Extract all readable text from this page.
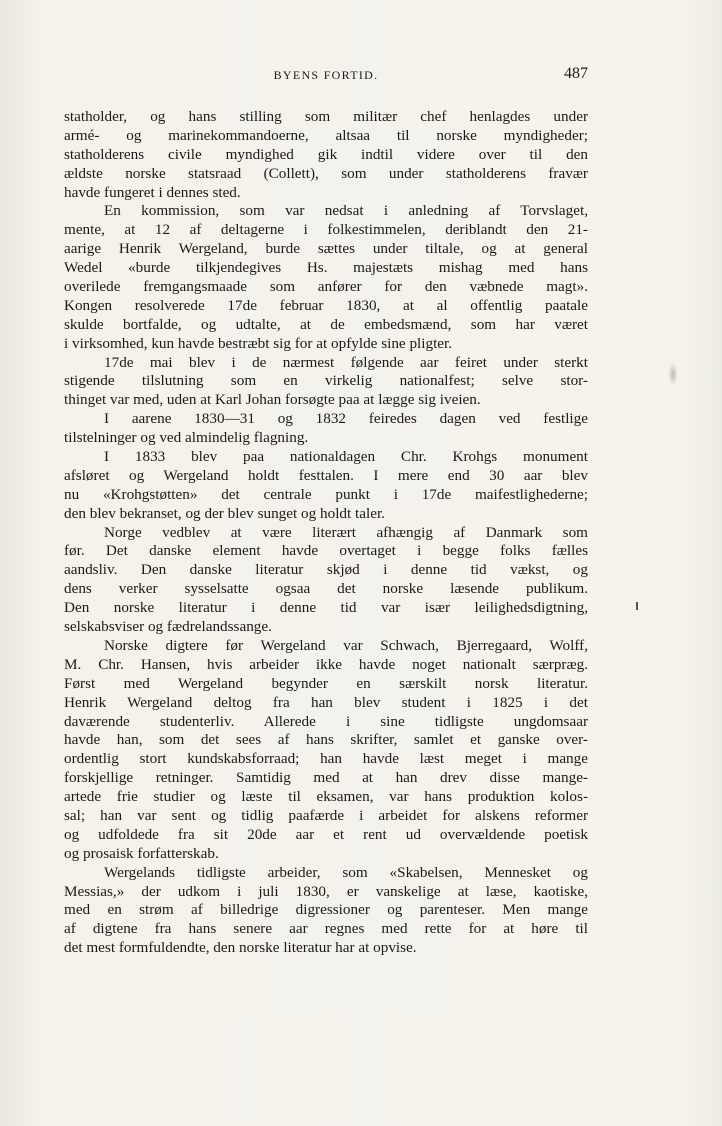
BYENS FORTID.	487
statholder, og hans stilling som militær chef henlagdes under
armé- og marinekommandoerne, altsaa til norske myndigheder;
statholderens civile myndighed gik indtil videre over til den
ældste norske statsraad (Collett), som under statholderens fravær
havde fungeret i dennes sted.
En kommission, som var nedsat i anledning af Torvslaget,
mente, at 12 af deltagerne i folkestimmelen, deriblandt den 21-
aarige Henrik Wergeland, burde sættes under tiltale, og at general
Wedel «burde tilkjendegives Hs. majestæts mishag med hans
overilede fremgangsmaade som anfører for den væbnede magt».
Kongen resolverede 17de februar 1830, at al offentlig paatale
skulde bortfalde, og udtalte, at de embedsmænd, som har været
i virksomhed, kun havde bestræbt sig for at opfylde sine pligter.
17de mai blev i de nærmest følgende aar feiret under sterkt
stigende tilslutning som en virkelig nationalfest; selve stor-
thinget var med, uden at Karl Johan forsøgte paa at lægge sig iveien.
I aarene 1830—31 og 1832 feiredes dagen ved festlige
tilstelninger og ved almindelig flagning.
I 1833 blev paa nationaldagen Chr. Krohgs monument
afsløret og Wergeland holdt festtalen. I mere end 30 aar blev
nu «Krohgstøtten» det centrale punkt i 17de maifestlighederne;
den blev bekranset, og der blev sunget og holdt taler.
Norge vedblev at være literært afhængig af Danmark som
før. Det danske element havde overtaget i begge folks fælles
aandsliv. Den danske literatur skjød i denne tid vækst, og
dens verker sysselsatte ogsaa det norske læsende publikum.
Den norske literatur i denne tid var især leilighedsdigtning,
selskabsviser og fædrelandssange.
Norske digtere før Wergeland var Schwach, Bjerregaard, Wolff,
M. Chr. Hansen, hvis arbeider ikke havde noget nationalt særpræg.
Først med Wergeland begynder en særskilt norsk literatur.
Henrik Wergeland deltog fra han blev student i 1825 i det
daværende studenterliv. Allerede i sine tidligste ungdomsaar
havde han, som det sees af hans skrifter, samlet et ganske over-
ordentlig stort kundskabsforraad; han havde læst meget i mange
forskjellige retninger. Samtidig med at han drev disse mange-
artede frie studier og læste til eksamen, var hans produktion kolos-
sal; han var sent og tidlig paafærde i arbeidet for alskens reformer
og udfoldede fra sit 20de aar et rent ud overvældende poetisk
og prosaisk forfatterskab.
Wergelands tidligste arbeider, som «Skabelsen, Mennesket og
Messias,» der udkom i juli 1830, er vanskelige at læse, kaotiske,
med en strøm af billedrige digressioner og parenteser. Men mange
af digtene fra hans senere aar regnes med rette for at høre til
det mest formfuldendte, den norske literatur har at opvise.
